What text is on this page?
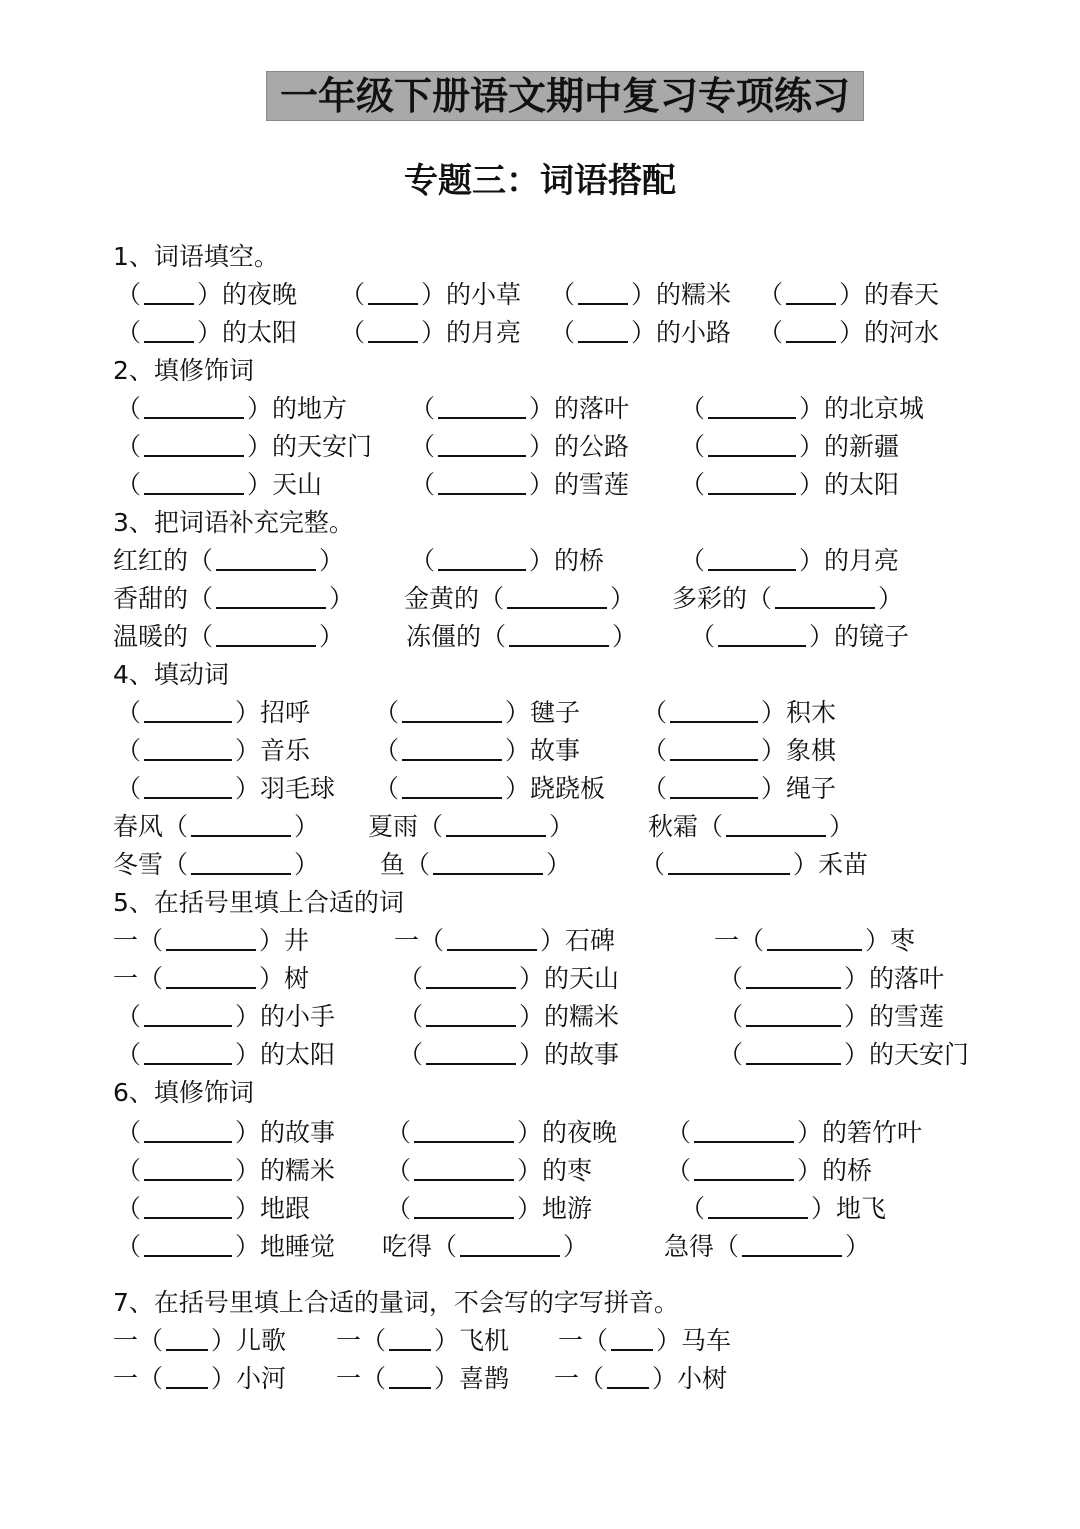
一年级下册语文期中复习专项练习
专题三：词语搭配
1、词语填空。
（ ）的夜晚 （ ）的小草 （ ）的糯米 （ ）的春天
（ ）的太阳 （ ）的月亮 （ ）的小路 （ ）的河水
2、填修饰词
（	）的地方	（	）的落叶 （	）的北京城
（	）的天安门 （	）的公路 （	）的新疆
（	）天山	（	）的雪莲 （	）的太阳
3、把词语补充完整。
红红的（	）	（	）的桥	（	）的月亮
香甜的（	） 金黄的（	） 多彩的（	）
温暖的（	） 冻僵的（	） （	）的镜子
4、填动词
（	）招呼	（	）毽子 （	）积木
（	）音乐	（	）故事 （	）象棋
（	）羽毛球 （	）跷跷板 （	）绳子
春风（	） 夏雨（	）	秋霜（	）
冬雪（	） 鱼（	）	（	）禾苗
5、在括号里填上合适的词
一（	）井	一（	）石碑	一（	）枣
一（	）树	（	）的天山	（	）的落叶
（	）的小手	（	）的糯米	（	）的雪莲
（	）的太阳	（	）的故事	（	）的天安门
6、填修饰词
（	）的故事 （	）的夜晚 （	）的箬竹叶
（	）的糯米 （	）的枣	（	）的桥
（	）地跟	（	）地游	（	）地飞
（	）地睡觉 吃得（	）	急得（	）
7、在括号里填上合适的量词，不会写的字写拼音。
一（ ）儿歌 一（ ）飞机 一（ ）马车
一（ ）小河 一（ ）喜鹊 一（ ）小树
